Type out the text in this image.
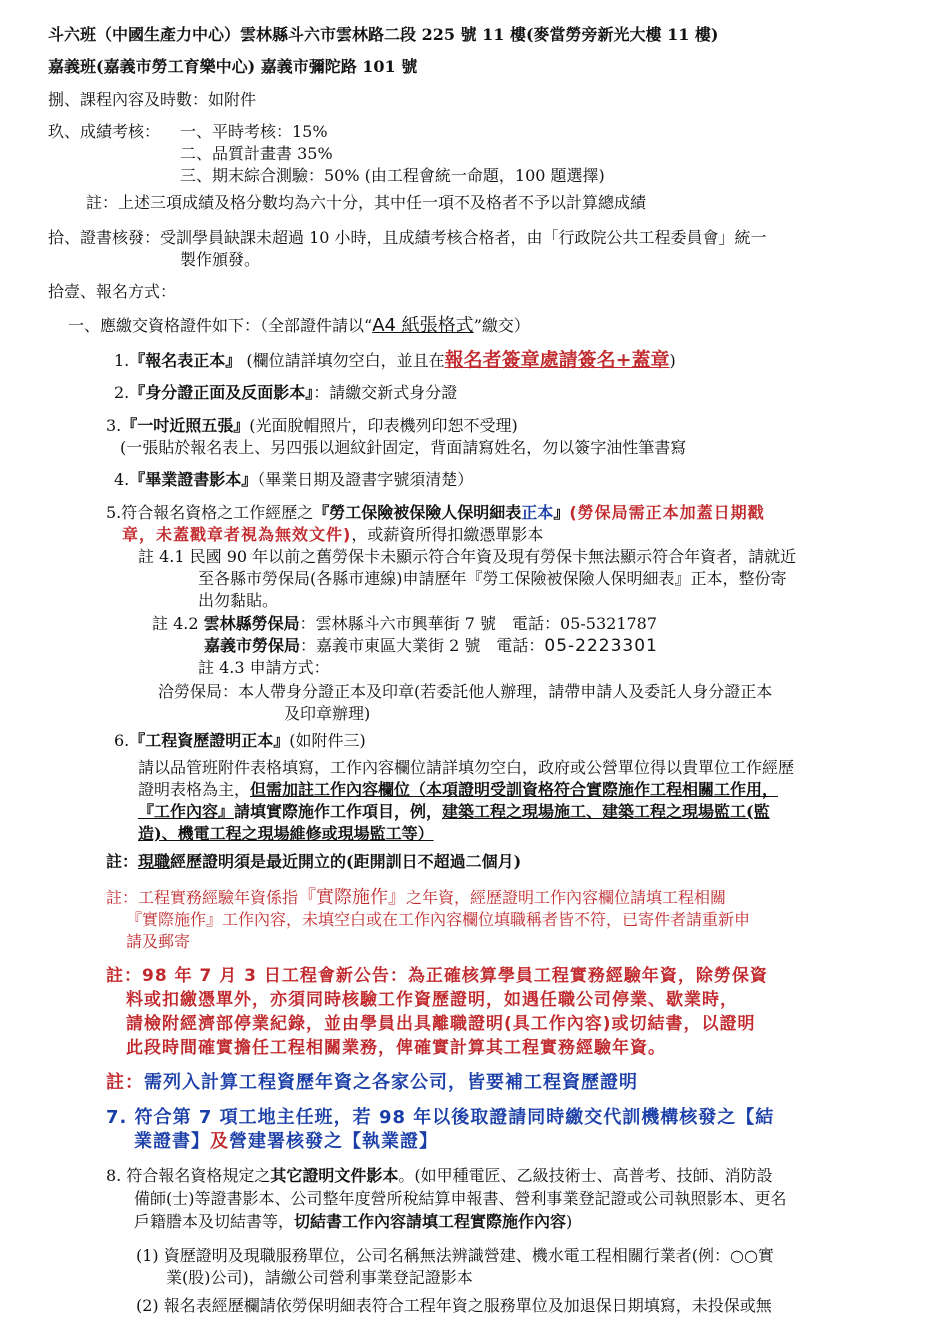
斗六班（中國生產力中心）雲林縣斗六市雲林路二段 225 號 11 樓(麥當勞旁新光大樓 11 樓)
嘉義班(嘉義市勞工育樂中心) 嘉義市彌陀路 101 號
捌、課程內容及時數：如附件
玖、成績考核： 一、平時考核：15%
二、品質計畫書 35%
三、期末綜合測驗：50% (由工程會統一命題，100 題選擇)
註：上述三項成績及格分數均為六十分，其中任一項不及格者不予以計算總成績
拾、證書核發：受訓學員缺課未超過 10 小時，且成績考核合格者，由「行政院公共工程委員會」統一
製作頒發。
拾壹、報名方式：
一、應繳交資格證件如下：（全部證件請以“A4 紙張格式”繳交）
1.『報名表正本』 (欄位請詳填勿空白，並且在報名者簽章處請簽名+蓋章)
2.『身分證正面及反面影本』：請繳交新式身分證
3.『一吋近照五張』(光面脫帽照片，印表機列印恕不受理)
(一張貼於報名表上、另四張以迴紋針固定，背面請寫姓名，勿以簽字油性筆書寫
4.『畢業證書影本』（畢業日期及證書字號須清楚）
5.符合報名資格之工作經歷之『勞工保險被保險人保明細表正本』(勞保局需正本加蓋日期戳
章，未蓋戳章者視為無效文件)，或薪資所得扣繳憑單影本
註 4.1 民國 90 年以前之舊勞保卡未顯示符合年資及現有勞保卡無法顯示符合年資者，請就近
至各縣市勞保局(各縣市連線)申請歷年『勞工保險被保險人保明細表』正本，整份寄
出勿黏貼。
註 4.2 雲林縣勞保局：雲林縣斗六市興華街 7 號　電話：05-5321787
嘉義市勞保局：嘉義市東區大業街 2 號　電話：05-2223301
註 4.3 申請方式：
洽勞保局：本人帶身分證正本及印章(若委託他人辦理，請帶申請人及委託人身分證正本
及印章辦理)
6.『工程資歷證明正本』(如附件三)
請以品管班附件表格填寫，工作內容欄位請詳填勿空白，政府或公營單位得以貴單位工作經歷
證明表格為主，但需加註工作內容欄位（本項證明受訓資格符合實際施作工程相關工作用，
『工作內容』請填實際施作工作項目，例，建築工程之現場施工、建築工程之現場監工(監
造)、機電工程之現場維修或現場監工等）
註：現職經歷證明須是最近開立的(距開訓日不超過二個月)
註：工程實務經驗年資係指『實際施作』之年資，經歷證明工作內容欄位請填工程相關
『實際施作』工作內容，未填空白或在工作內容欄位填職稱者皆不符，已寄件者請重新申
請及郵寄
註：98 年 7 月 3 日工程會新公告：為正確核算學員工程實務經驗年資，除勞保資
料或扣繳憑單外，亦須同時核驗工作資歷證明，如遇任職公司停業、歇業時，
請檢附經濟部停業紀錄，並由學員出具離職證明(具工作內容)或切結書，以證明
此段時間確實擔任工程相關業務，俾確實計算其工程實務經驗年資。
註：需列入計算工程資歷年資之各家公司，皆要補工程資歷證明
7. 符合第 7 項工地主任班，若 98 年以後取證請同時繳交代訓機構核發之【結
業證書】及營建署核發之【執業證】
8. 符合報名資格規定之其它證明文件影本。(如甲種電匠、乙級技術士、高普考、技師、消防設
備師(士)等證書影本、公司整年度營所稅結算申報書、營利事業登記證或公司執照影本、更名
戶籍謄本及切結書等，切結書工作內容請填工程實際施作內容)
(1) 資歷證明及現職服務單位，公司名稱無法辨識營建、機水電工程相關行業者(例：○○實
業(股)公司)，請繳公司營利事業登記證影本
(2) 報名表經歷欄請依勞保明細表符合工程年資之服務單位及加退保日期填寫，未投保或無
